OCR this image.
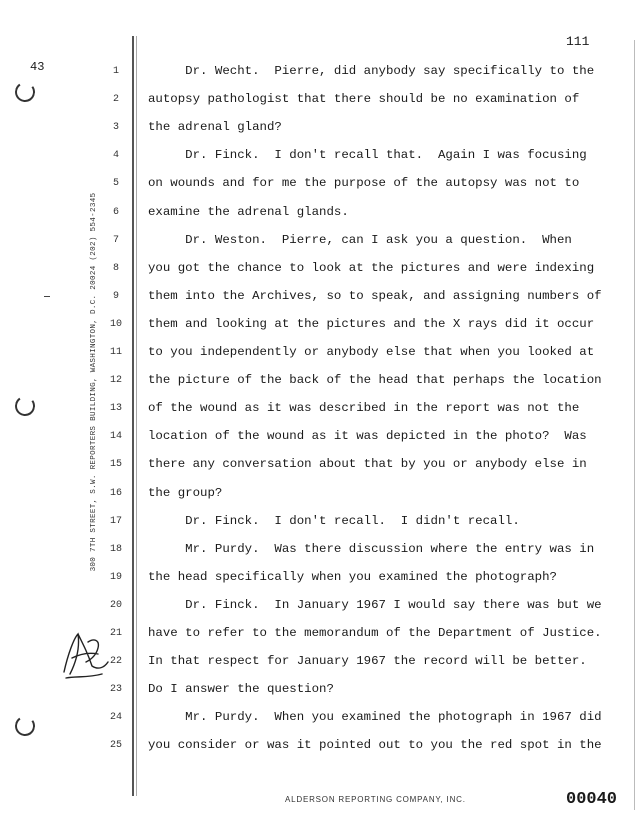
111
43
300 7TH STREET, S.W. REPORTERS BUILDING, WASHINGTON, D.C. 20024 (202) 554-2345
1	Dr. Wecht.  Pierre, did anybody say specifically to the
2	autopsy pathologist that there should be no examination of
3	the adrenal gland?
4	Dr. Finck.  I don't recall that.  Again I was focusing
5	on wounds and for me the purpose of the autopsy was not to
6	examine the adrenal glands.
7	Dr. Weston.  Pierre, can I ask you a question.  When
8	you got the chance to look at the pictures and were indexing
9	them into the Archives, so to speak, and assigning numbers of
10 them and looking at the pictures and the X rays did it occur
11 to you independently or anybody else that when you looked at
12 the picture of the back of the head that perhaps the location
13 of the wound as it was described in the report was not the
14 location of the wound as it was depicted in the photo?  Was
15 there any conversation about that by you or anybody else in
16 the group?
17 Dr. Finck.  I don't recall.  I didn't recall.
18 Mr. Purdy.  Was there discussion where the entry was in
19 the head specifically when you examined the photograph?
20 Dr. Finck.  In January 1967 I would say there was but we
21 have to refer to the memorandum of the Department of Justice.
22 In that respect for January 1967 the record will be better.
23 Do I answer the question?
24 Mr. Purdy.  When you examined the photograph in 1967 did
25 you consider or was it pointed out to you the red spot in the
ALDERSON REPORTING COMPANY, INC.	00040
